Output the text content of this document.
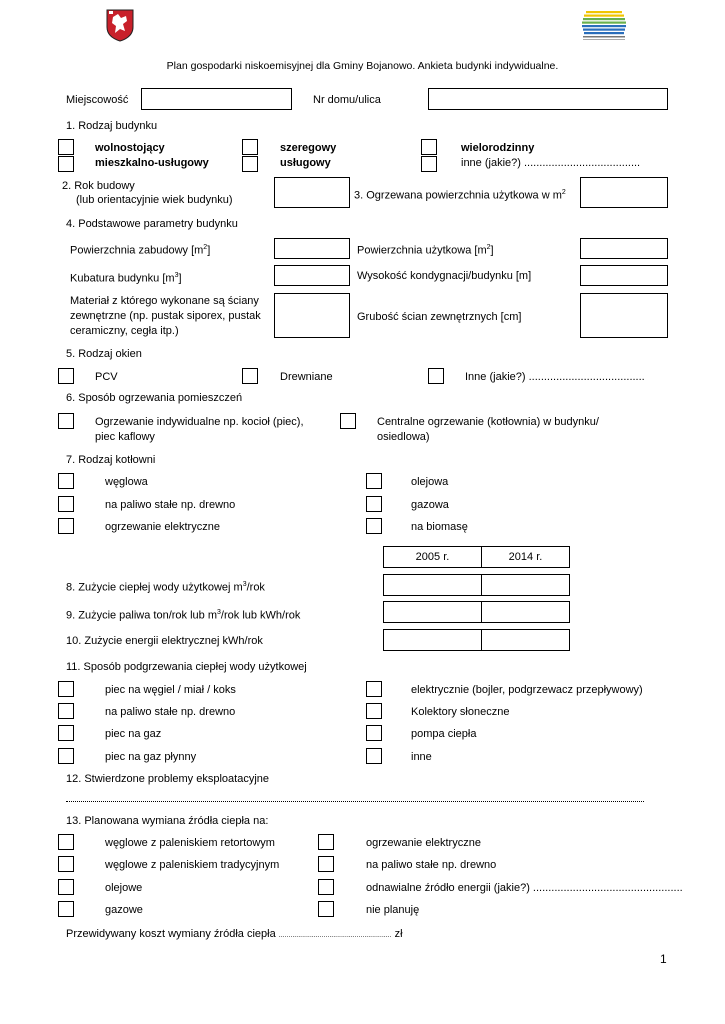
Plan gospodarki niskoemisyjnej dla Gminy Bojanowo. Ankieta budynki indywidualne.
Miejscowość	Nr domu/ulica
1. Rodzaj budynku
wolnostojący
mieszkalno-usługowy
szeregowy
usługowy
wielorodzinny
inne (jakie?) ......................................
2. Rok budowy
(lub orientacyjnie wiek budynku)	3. Ogrzewana powierzchnia użytkowa w $m^2$
4. Podstawowe parametry budynku
Powierzchnia zabudowy $[m^2]$	Powierzchnia użytkowa $[m^2]$
Kubatura budynku $[m^3]$	Wysokość kondygnacji/budynku [m]
Materiał z którego wykonane są ściany
zewnętrzne (np. pustak siporex, pustak
ceramiczny, cegła itp.)
Grubość ścian zewnętrznych [cm]
5. Rodzaj okien
PCV	Drewniane	Inne (jakie?) ......................................
6. Sposób ogrzewania pomieszczeń
Ogrzewanie indywidualne np. kocioł (piec),
piec kaflowy
Centralne ogrzewanie (kotłownia) w budynku/
osiedlowa)
7. Rodzaj kotłowni
węglowa
na paliwo stałe np. drewno
ogrzewanie elektryczne
olejowa
gazowa
na biomasę
2005 r.	2014 r.
8. Zużycie ciepłej wody użytkowej $m^3$/rok
9. Zużycie paliwa ton/rok lub $m^3$/rok lub kWh/rok
10. Zużycie energii elektrycznej kWh/rok
11. Sposób podgrzewania ciepłej wody użytkowej
piec na węgiel / miał / koks
na paliwo stałe np. drewno
piec na gaz
piec na gaz płynny
elektrycznie (bojler, podgrzewacz przepływowy)
Kolektory słoneczne
pompa ciepła
inne
12. Stwierdzone problemy eksploatacyjne
13. Planowana wymiana źródła ciepła na:
węglowe z paleniskiem retortowym
węglowe z paleniskiem tradycyjnym
olejowe
gazowe
ogrzewanie elektryczne
na paliwo stałe np. drewno
odnawialne źródło energii (jakie?) .................................................
nie planuję
Przewidywany koszt wymiany źródła ciepła .......................................................... zł
1
